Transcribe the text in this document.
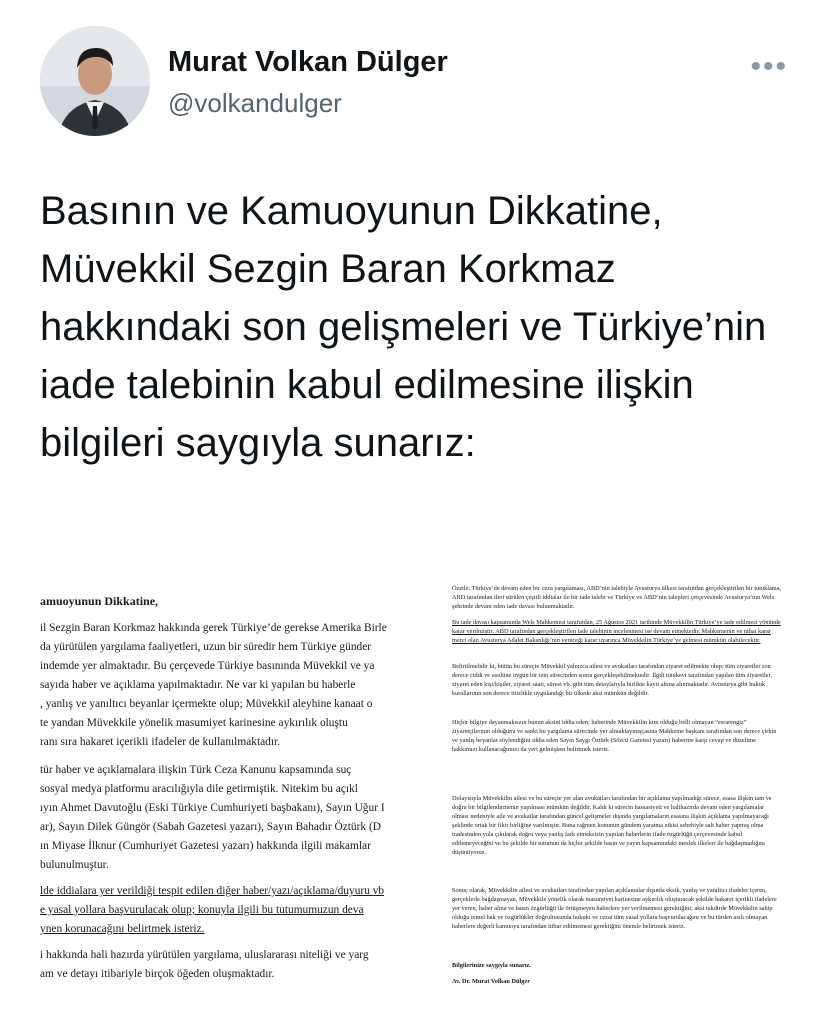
Murat Volkan Dülger
@volkandulger
•••
Basının ve Kamuoyunun Dikkatine,
Müvekkil Sezgin Baran Korkmaz hakkındaki son gelişmeleri ve Türkiye’nin iade talebinin kabul edilmesine ilişkin bilgileri saygıyla sunarız:
amuoyunun Dikkatine,
il Sezgin Baran Korkmaz hakkında gerek Türkiye’de gerekse Amerika Birle
da yürütülen yargılama faaliyetleri, uzun bir süredir hem Türkiye günder
indemde yer almaktadır. Bu çerçevede Türkiye basınında Müvekkil ve ya
sayıda haber ve açıklama yapılmaktadır. Ne var ki yapılan bu haberle
, yanlış ve yanıltıcı beyanlar içermekte olup; Müvekkil aleyhine kanaat o
te yandan Müvekkile yönelik masumiyet karinesine aykırılık oluştu
ranı sıra hakaret içerikli ifadeler de kullanılmaktadır.
tür haber ve açıklamalara ilişkin Türk Ceza Kanunu kapsamında suç
sosyal medya platformu aracılığıyla dile getirmiştik. Nitekim bu açıkl
ıyın Ahmet Davutoğlu (Eski Türkiye Cumhuriyeti başbakanı), Sayın Uğur I
ar), Sayın Dilek Güngör (Sabah Gazetesi yazarı), Sayın Bahadır Öztürk (D
ın Miyase İlknur (Cumhuriyet Gazetesi yazarı) hakkında ilgili makamlar
bulunulmuştur.
lde iddialara yer verildiği tespit edilen diğer haber/yazı/açıklama/duyuru vb
e yasal yollara başvurulacak olup; konuyla ilgili bu tutumumuzun deva
ynen korunacağını belirtmek isteriz.
i hakkında hali hazırda yürütülen yargılama, uluslararası niteliği ve yarg
am ve detayı itibariyle birçok öğeden oluşmaktadır.
Özetle; Türkiye’de devam eden bir ceza yargılaması, ABD’nin talebiyle Avusturya ülkesi tarafından gerçekleştirilen bir tutuklama, ABD tarafından ileri sürülen çeşitli iddialar ile bir iade talebi ve Türkiye ve ABD’nin talepleri çerçevesinde Avusturya’nın Wels şehrinde devam eden iade davası bulunmaktadır.
Bu iade davası kapsamında Wels Mahkemesi tarafından, 25 Ağustos 2021 tarihinde Müvekkilin Türkiye’ye iade edilmesi yönünde karar verilmiştir. ABD tarafından gerçekleştirilen iade talebinin incelenmesi ise devam etmektedir. Mahkemenin ve nihai karar merci olan Avusturya Adalet Bakanlığı’nın vereceği karar uyarınca Müvekkilin Türkiye’ye gelmesi mümkün olabilecektir.
Belirtilmelidir ki, bütün bu süreçte Müvekkil yalnızca ailesi ve avukatları tarafından ziyaret edilmekte olup; tüm ziyaretler son derece ciddi ve usulüne uygun bir izin sürecinden sonra gerçekleşebilmektedir. İlgili tutukevi tarafından yapılan tüm ziyaretler, ziyaret eden kişi/kişiler, ziyaret saati, süresi vb. gibi tüm detaylarıyla birlikte kayıt altına alınmaktadır. Avusturya gibi hukuk kurallarının son derece titizlikle uygulandığı bir ülkede aksi mümkün değildir.
Hiçbir bilgiye dayanmaksızın bunun aksini iddia eden; haberinde Müvekkilin kim olduğu belli olmayan “esrarengiz” ziyaretçilerinin olduğunu ve sanki bu yargılama sürecinde yer almaktaymışçasına Mahkeme başkanı tarafından son derece çirkin ve yanlış beyanlar söylendiğini iddia eden Sayın Saygı Öztürk (Sözcü Gazetesi yazarı) haberine karşı cevap ve düzeltme hakkımızı kullanacağımızı da yeri gelmişken belirtmek isteriz.
Dolayısıyla Müvekkilin ailesi ve bu süreçte yer alan avukatları tarafından bir açıklama yapılmadığı sürece, esasa ilişkin tam ve doğru bir bilgilendirmenin yapılması mümkün değildir. Kaldı ki sürecin hassasiyeti ve halihazırda devam eden yargılamalar olması nedeniyle aile ve avukatlar tarafından güncel gelişmeler dışında yargılamaların esasına ilişkin açıklama yapılmayacağı şeklinde ortak bir fikir birliğine varılmıştır. Buna rağmen konunun gündem yaratma etkisi sebebiyle salt haber yapmış olma iradesinden yola çıkılarak doğru veya yanlış fark etmeksizin yapılan haberlerin ifade özgürlüğü çerçevesinde kabul edilemeyeceğini ve bu şekilde bir tutumun da hiçbir şekilde basın ve yayın kapsamındaki meslek ilkeleri ile bağdaşmadığını düşünüyoruz.
Sonuç olarak, Müvekkilin ailesi ve avukatları tarafından yapılan açıklamalar dışında eksik, yanlış ve yanıltıcı ifadeler içeren, gerçeklerle bağdaşmayan, Müvekkile yönelik olarak masumiyet karinesine aykırılık oluşturacak şekilde hakaret içerikli ifadelere yer veren, haber alma ve basın özgürlüğü ile örtüşmeyen haberlere yer verilmemesi gerektiğini; aksi takdirde Müvekkilin sahip olduğu temel hak ve özgürlükler doğrultusunda hukuki ve cezai tüm yasal yollara başvurulacağını ve bu türden asılı olmayan haberlere değerli kamuoyu tarafından itibar edilmemesi gerektiğini önemle belirtmek isteriz.
Bilgilerinize saygıyla sunarız.
Av. Dr. Murat Volkan Dülger
